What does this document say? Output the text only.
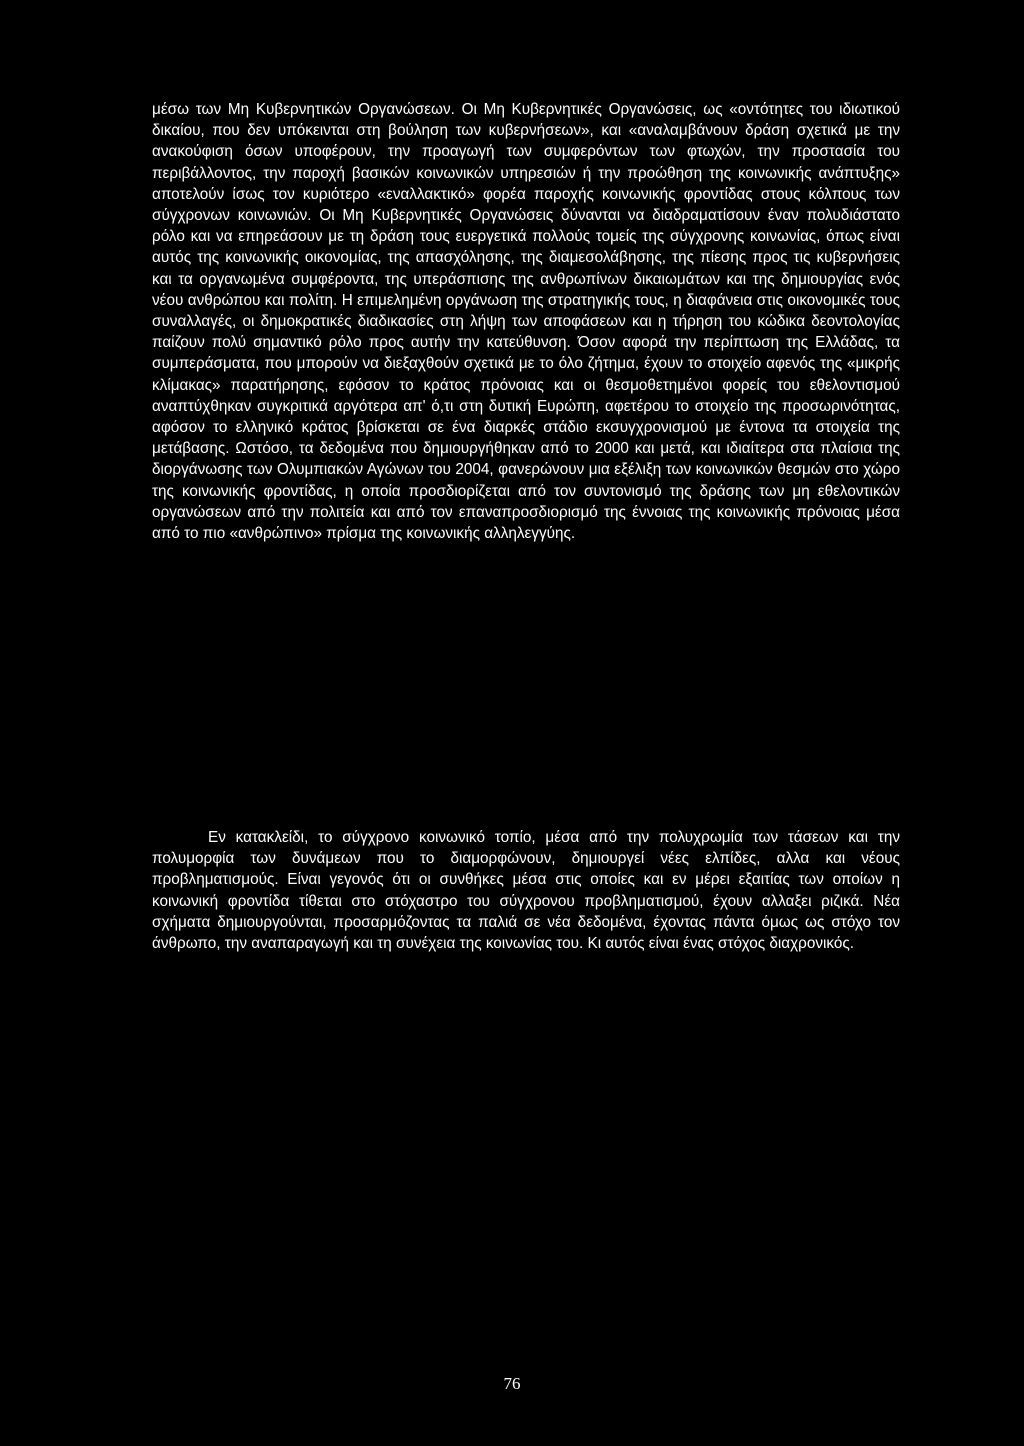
μέσω των Μη Κυβερνητικών Οργανώσεων. Οι Μη Κυβερνητικές Οργανώσεις, ως «οντότητες του ιδιωτικού δικαίου, που δεν υπόκεινται στη βούληση των κυβερνήσεων», και «αναλαμβάνουν δράση σχετικά με την ανακούφιση όσων υποφέρουν, την προαγωγή των συμφερόντων των φτωχών, την προστασία του περιβάλλοντος, την παροχή βασικών κοινωνικών υπηρεσιών ή την προώθηση της κοινωνικής ανάπτυξης» αποτελούν ίσως τον κυριότερο «εναλλακτικό» φορέα παροχής κοινωνικής φροντίδας στους κόλπους των σύγχρονων κοινωνιών. Οι Μη Κυβερνητικές Οργανώσεις δύνανται να διαδραματίσουν έναν πολυδιάστατο ρόλο και να επηρεάσουν με τη δράση τους ευεργετικά πολλούς τομείς της σύγχρονης κοινωνίας, όπως είναι αυτός της κοινωνικής οικονομίας, της απασχόλησης, της διαμεσολάβησης, της πίεσης προς τις κυβερνήσεις και τα οργανωμένα συμφέροντα, της υπεράσπισης της ανθρωπίνων δικαιωμάτων και της δημιουργίας ενός νέου ανθρώπου και πολίτη. Η επιμελημένη οργάνωση της στρατηγικής τους, η διαφάνεια στις οικονομικές τους συναλλαγές, οι δημοκρατικές διαδικασίες στη λήψη των αποφάσεων και η τήρηση του κώδικα δεοντολογίας παίζουν πολύ σημαντικό ρόλο προς αυτήν την κατεύθυνση. Όσον αφορά την περίπτωση της Ελλάδας, τα συμπεράσματα, που μπορούν να διεξαχθούν σχετικά με το όλο ζήτημα, έχουν το στοιχείο αφενός της «μικρής κλίμακας» παρατήρησης, εφόσον το κράτος πρόνοιας και οι θεσμοθετημένοι φορείς του εθελοντισμού αναπτύχθηκαν συγκριτικά αργότερα απ' ό,τι στη δυτική Ευρώπη, αφετέρου το στοιχείο της προσωρινότητας, αφόσον το ελληνικό κράτος βρίσκεται σε ένα διαρκές στάδιο εκσυγχρονισμού με έντονα τα στοιχεία της μετάβασης. Ωστόσο, τα δεδομένα που δημιουργήθηκαν από το 2000 και μετά, και ιδιαίτερα στα πλαίσια της διοργάνωσης των Ολυμπιακών Αγώνων του 2004, φανερώνουν μια εξέλιξη των κοινωνικών θεσμών στο χώρο της κοινωνικής φροντίδας, η οποία προσδιορίζεται από τον συντονισμό της δράσης των μη εθελοντικών οργανώσεων από την πολιτεία και από τον επαναπροσδιορισμό της έννοιας της κοινωνικής πρόνοιας μέσα από το πιο «ανθρώπινο» πρίσμα της κοινωνικής αλληλεγγύης.

Εν κατακλείδι, το σύγχρονο κοινωνικό τοπίο, μέσα από την πολυχρωμία των τάσεων και την πολυμορφία των δυνάμεων που το διαμορφώνουν, δημιουργεί νέες ελπίδες, αλλα και νέους προβληματισμούς. Είναι γεγονός ότι οι συνθήκες μέσα στις οποίες και εν μέρει εξαιτίας των οποίων η κοινωνική φροντίδα τίθεται στο στόχαστρο του σύγχρονου προβληματισμού, έχουν αλλαξει ριζικά. Νέα σχήματα δημιουργούνται, προσαρμόζοντας τα παλιά σε νέα δεδομένα, έχοντας πάντα όμως ως στόχο τον άνθρωπο, την αναπαραγωγή και τη συνέχεια της κοινωνίας του. Κι αυτός είναι ένας στόχος διαχρονικός.

76
